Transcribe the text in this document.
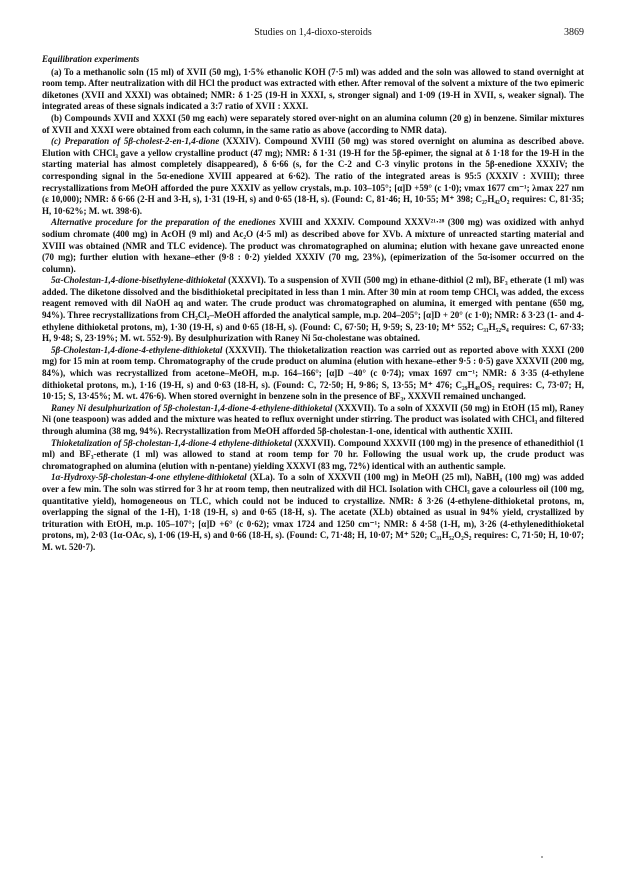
Studies on 1,4-dioxo-steroids	3869
Equilibration experiments

(a) To a methanolic soln (15 ml) of XVII (50 mg), 1·5% ethanolic KOH (7·5 ml) was added and the soln was allowed to stand overnight at room temp. After neutralization with dil HCl the product was extracted with ether. After removal of the solvent a mixture of the two epimeric diketones (XVII and XXXI) was obtained; NMR: δ 1·25 (19-H in XXXI, s, stronger signal) and 1·09 (19-H in XVII, s, weaker signal). The integrated areas of these signals indicated a 3:7 ratio of XVII : XXXI.

(b) Compounds XVII and XXXI (50 mg each) were separately stored over-night on an alumina column (20 g) in benzene. Similar mixtures of XVII and XXXI were obtained from each column, in the same ratio as above (according to NMR data).

(c) Preparation of 5β-cholest-2-en-1,4-dione (XXXIV). Compound XVIII (50 mg) was stored overnight on alumina as described above. Elution with CHCl₃ gave a yellow crystalline product (47 mg); NMR: δ 1·31 (19-H for the 5β-epimer, the signal at δ 1·18 for the 19-H in the starting material has almost completely disappeared), δ 6·66 (s, for the C-2 and C-3 vinylic protons in the 5β-enedione XXXIV; the corresponding signal in the 5α-enedione XVIII appeared at 6·62). The ratio of the integrated areas is 95:5 (XXXIV : XVIII); three recrystallizations from MeOH afforded the pure XXXIV as yellow crystals, m.p. 103–105°; [α]D +59° (c 1·0); νmax 1677 cm⁻¹; λmax 227 nm (ε 10,000); NMR: δ 6·66 (2-H and 3-H, s), 1·31 (19-H, s) and 0·65 (18-H, s). (Found: C, 81·46; H, 10·55; M⁺ 398; C₂₇H₄₂O₂ requires: C, 81·35; H, 10·62%; M. wt. 398·6).

Alternative procedure for the preparation of the enediones XVIII and XXXIV. Compound XXXV²¹·²⁸ (300 mg) was oxidized with anhyd sodium chromate (400 mg) in AcOH (9 ml) and Ac₂O (4·5 ml) as described above for XVb. A mixture of unreacted starting material and XVIII was obtained (NMR and TLC evidence). The product was chromatographed on alumina; elution with hexane gave unreacted enone (70 mg); further elution with hexane–ether (9·8 : 0·2) yielded XXXIV (70 mg, 23%), (epimerization of the 5α-isomer occurred on the column).

5α-Cholestan-1,4-dione-bisethylene-dithioketal (XXXVI). To a suspension of XVII (500 mg) in ethane-dithiol (2 ml), BF₃ etherate (1 ml) was added. The diketone dissolved and the bisdithioketal precipitated in less than 1 min. After 30 min at room temp CHCl₃ was added, the excess reagent removed with dil NaOH aq and water. The crude product was chromatographed on alumina, it emerged with pentane (650 mg, 94%). Three recrystallizations from CH₂Cl₂–MeOH afforded the analytical sample, m.p. 204–205°; [α]D + 20° (c 1·0); NMR: δ 3·23 (1- and 4-ethylene dithioketal protons, m), 1·30 (19-H, s) and 0·65 (18-H, s). (Found: C, 67·50; H, 9·59; S, 23·10; M⁺ 552; C₃₁H₅₂S₄ requires: C, 67·33; H, 9·48; S, 23·19%; M. wt. 552·9). By desulphurization with Raney Ni 5α-cholestane was obtained.

5β-Cholestan-1,4-dione-4-ethylene-dithioketal (XXXVII). The thioketalization reaction was carried out as reported above with XXXI (200 mg) for 15 min at room temp. Chromatography of the crude product on alumina (elution with hexane–ether 9·5 : 0·5) gave XXXVII (200 mg, 84%), which was recrystallized from acetone–MeOH, m.p. 164–166°; [α]D −40° (c 0·74); νmax 1697 cm⁻¹; NMR: δ 3·35 (4-ethylene dithioketal protons, m.), 1·16 (19-H, s) and 0·63 (18-H, s). (Found: C, 72·50; H, 9·86; S, 13·55; M⁺ 476; C₂₉H₄₈OS₂ requires: C, 73·07; H, 10·15; S, 13·45%; M. wt. 476·6). When stored overnight in benzene soln in the presence of BF₃, XXXVII remained unchanged.

Raney Ni desulphurization of 5β-cholestan-1,4-dione-4-ethylene-dithioketal (XXXVII). To a soln of XXXVII (50 mg) in EtOH (15 ml), Raney Ni (one teaspoon) was added and the mixture was heated to reflux overnight under stirring. The product was isolated with CHCl₃ and filtered through alumina (38 mg, 94%). Recrystallization from MeOH afforded 5β-cholestan-1-one, identical with authentic XXIII.

Thioketalization of 5β-cholestan-1,4-dione-4 ethylene-dithioketal (XXXVII). Compound XXXVII (100 mg) in the presence of ethanedithiol (1 ml) and BF₃-etherate (1 ml) was allowed to stand at room temp for 70 hr. Following the usual work up, the crude product was chromatographed on alumina (elution with n-pentane) yielding XXXVI (83 mg, 72%) identical with an authentic sample.

1α-Hydroxy-5β-cholestan-4-one ethylene-dithioketal (XLa). To a soln of XXXVII (100 mg) in MeOH (25 ml), NaBH₄ (100 mg) was added over a few min. The soln was stirred for 3 hr at room temp, then neutralized with dil HCl. Isolation with CHCl₃ gave a colourless oil (100 mg, quantitative yield), homogeneous on TLC, which could not be induced to crystallize. NMR: δ 3·26 (4-ethylene-dithioketal protons, m, overlapping the signal of the 1-H), 1·18 (19-H, s) and 0·65 (18-H, s). The acetate (XLb) obtained as usual in 94% yield, crystallized by trituration with EtOH, m.p. 105–107°; [α]D +6° (c 0·62); νmax 1724 and 1250 cm⁻¹; NMR: δ 4·58 (1-H, m), 3·26 (4-ethylenedithioketal protons, m), 2·03 (1α-OAc, s), 1·06 (19-H, s) and 0·66 (18-H, s). (Found: C, 71·48; H, 10·07; M⁺ 520; C₃₁H₅₂O₂S₂ requires: C, 71·50; H, 10·07; M. wt. 520·7).
